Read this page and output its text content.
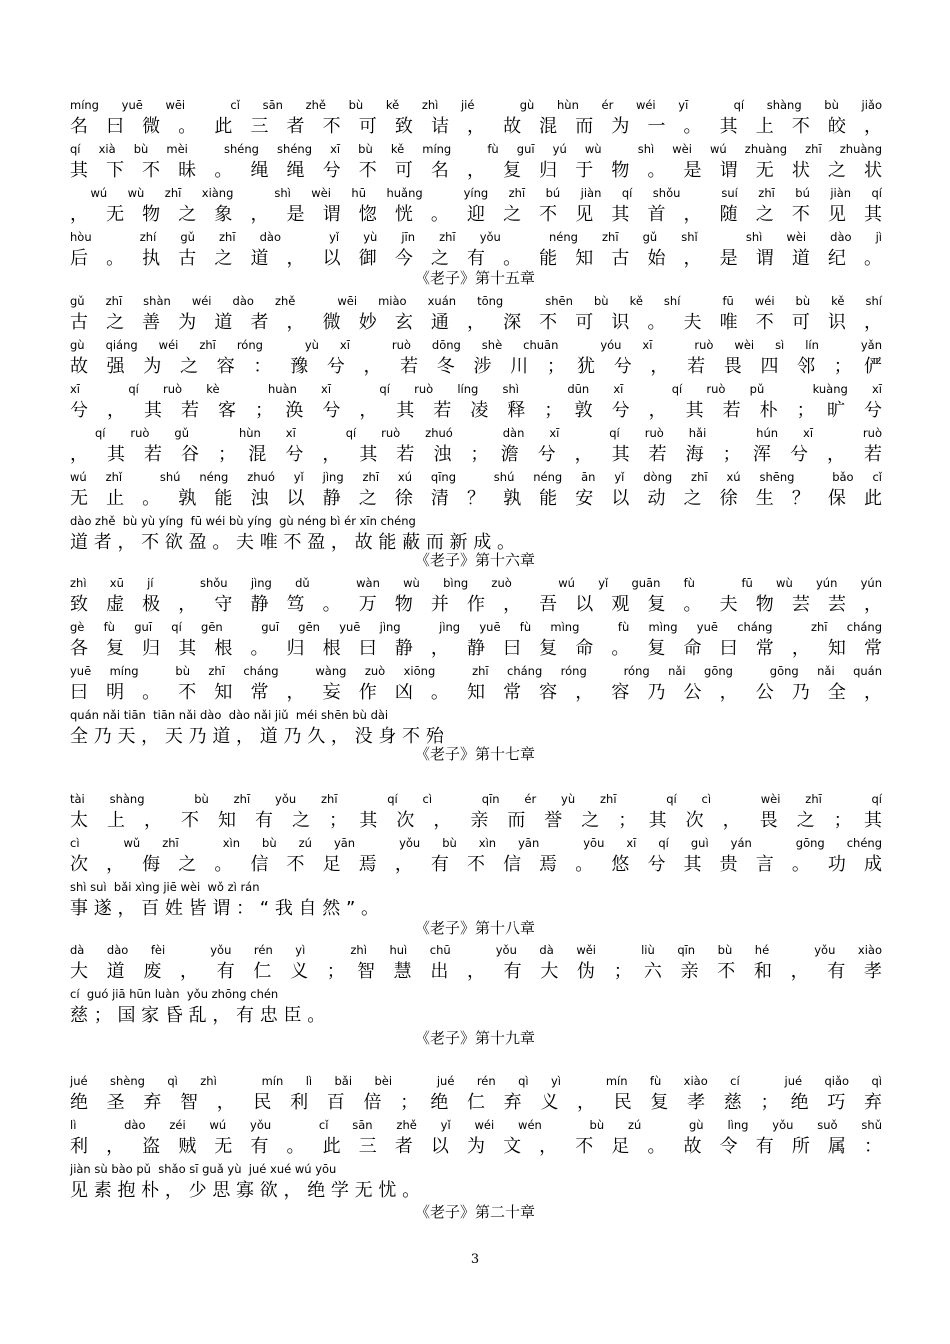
míng yuē wēi  cǐ sān zhě bù kě zhì jié  gù hùn ér wéi yī  qí shàng bù jiǎo
名 曰 微 。 此 三 者 不 可 致 诘 ， 故 混 而 为 一 。 其 上 不 皎 ，
qí xià bù mèi  shéng shéng xī bù kě míng  fù guī yú wù  shì wèi wú zhuàng zhī zhuàng
其 下 不 昧 。 绳 绳 兮 不 可 名 ， 复 归 于 物 。 是 谓 无 状 之 状
wú wù zhī xiàng  shì wèi hū huǎng  yíng zhī bú jiàn qí shǒu  suí zhī bú jiàn qí
， 无 物 之 象 ， 是 谓 惚 恍 。 迎 之 不 见 其 首 ， 随 之 不 见 其
hòu  zhí gǔ zhī dào  yǐ yù jīn zhī yǒu  néng zhī gǔ shǐ  shì wèi dào jì
后 。 执 古 之 道 ， 以 御 今 之 有 。 能 知 古 始 ， 是 谓 道 纪 。
gǔ zhī shàn wéi dào zhě  wēi miào xuán tōng  shēn bù kě shí  fū wéi bù kě shí
古 之 善 为 道 者 ， 微 妙 玄 通 ， 深 不 可 识 。 夫 唯 不 可 识 ，
gù qiáng wéi zhī róng  yù xī  ruò dōng shè chuān  yóu xī  ruò wèi sì lín  yǎn
故 强 为 之 容 ： 豫 兮 ， 若 冬 涉 川 ； 犹 兮 ， 若 畏 四 邻 ； 俨
xī  qí ruò kè  huàn xī  qí ruò líng shì  dūn xī  qí ruò pǔ  kuàng xī
兮 ， 其 若 客 ； 涣 兮 ， 其 若 凌 释 ； 敦 兮 ， 其 若 朴 ； 旷 兮
qí ruò gǔ  hùn xī  qí ruò zhuó  dàn xī  qí ruò hǎi  hún xī  ruò
， 其 若 谷 ； 混 兮 ， 其 若 浊 ； 澹 兮 ， 其 若 海 ； 浑 兮 ， 若
wú zhǐ  shú néng zhuó yǐ jìng zhī xú qīng  shú néng ān yǐ dòng zhī xú shēng  bǎo cǐ
无 止 。 孰 能 浊 以 静 之 徐 清 ？ 孰 能 安 以 动 之 徐 生 ？ 保 此
dào zhě  bù yù yíng  fū wéi bù yíng  gù néng bì ér xīn chéng
道 者 ， 不 欲 盈 。 夫 唯 不 盈 ， 故 能 蔽 而 新 成 。
zhì xū jí  shǒu jìng dǔ  wàn wù bìng zuò  wú yǐ guān fù  fū wù yún yún
致 虚 极 ， 守 静 笃 。 万 物 并 作 ， 吾 以 观 复 。 夫 物 芸 芸 ，
gè fù guī qí gēn  guī gēn yuē jìng  jìng yuē fù mìng  fù mìng yuē cháng  zhī cháng
各 复 归 其 根 。 归 根 曰 静 ， 静 曰 复 命 。 复 命 曰 常 ， 知 常
yuē míng  bù zhī cháng  wàng zuò xiōng  zhī cháng róng  róng nǎi gōng  gōng nǎi quán
曰 明 。 不 知 常 ， 妄 作 凶 。 知 常 容 ， 容 乃 公 ， 公 乃 全 ，
quán nǎi tiān  tiān nǎi dào  dào nǎi jiǔ  méi shēn bù dài
全 乃 天 ， 天 乃 道 ， 道 乃 久 ， 没 身 不 殆
tài shàng  bù zhī yǒu zhī  qí cì  qīn ér yù zhī  qí cì  wèi zhī  qí
太 上 ， 不 知 有 之 ； 其 次 ， 亲 而 誉 之 ； 其 次 ， 畏 之 ； 其
cì  wǔ zhī  xìn bù zú yān  yǒu bù xìn yān  yōu xī qí guì yán  gōng chéng
次 ， 侮 之 。 信 不 足 焉 ， 有 不 信 焉 。 悠 兮 其 贵 言 。 功 成
shì suì  bǎi xìng jiē wèi  wǒ zì rán
事 遂 ， 百 姓 皆 谓 ： “ 我 自 然 ” 。
dà dào fèi  yǒu rén yì  zhì huì chū  yǒu dà wěi  liù qīn bù hé  yǒu xiào
大 道 废 ， 有 仁 义 ； 智 慧 出 ， 有 大 伪 ； 六 亲 不 和 ， 有 孝
cí  guó jiā hūn luàn  yǒu zhōng chén
慈 ； 国 家 昏 乱 ， 有 忠 臣 。
jué shèng qì zhì  mín lì bǎi bèi  jué rén qì yì  mín fù xiào cí  jué qiǎo qì
绝 圣 弃 智 ， 民 利 百 倍 ； 绝 仁 弃 义 ， 民 复 孝 慈 ； 绝 巧 弃
lì  dào zéi wú yǒu  cǐ sān zhě yǐ wéi wén  bù zú  gù lìng yǒu suǒ shǔ
利 ， 盗 贼 无 有 。 此 三 者 以 为 文 ， 不 足 。 故 令 有 所 属 ：
jiàn sù bào pǔ  shǎo sī guǎ yù  jué xué wú yōu
见 素 抱 朴 ， 少 思 寡 欲 ， 绝 学 无 忧 。
《老子》第十五章
《老子》第十六章
《老子》第十七章
《老子》第十八章
《老子》第十九章
《老子》第二十章
3
